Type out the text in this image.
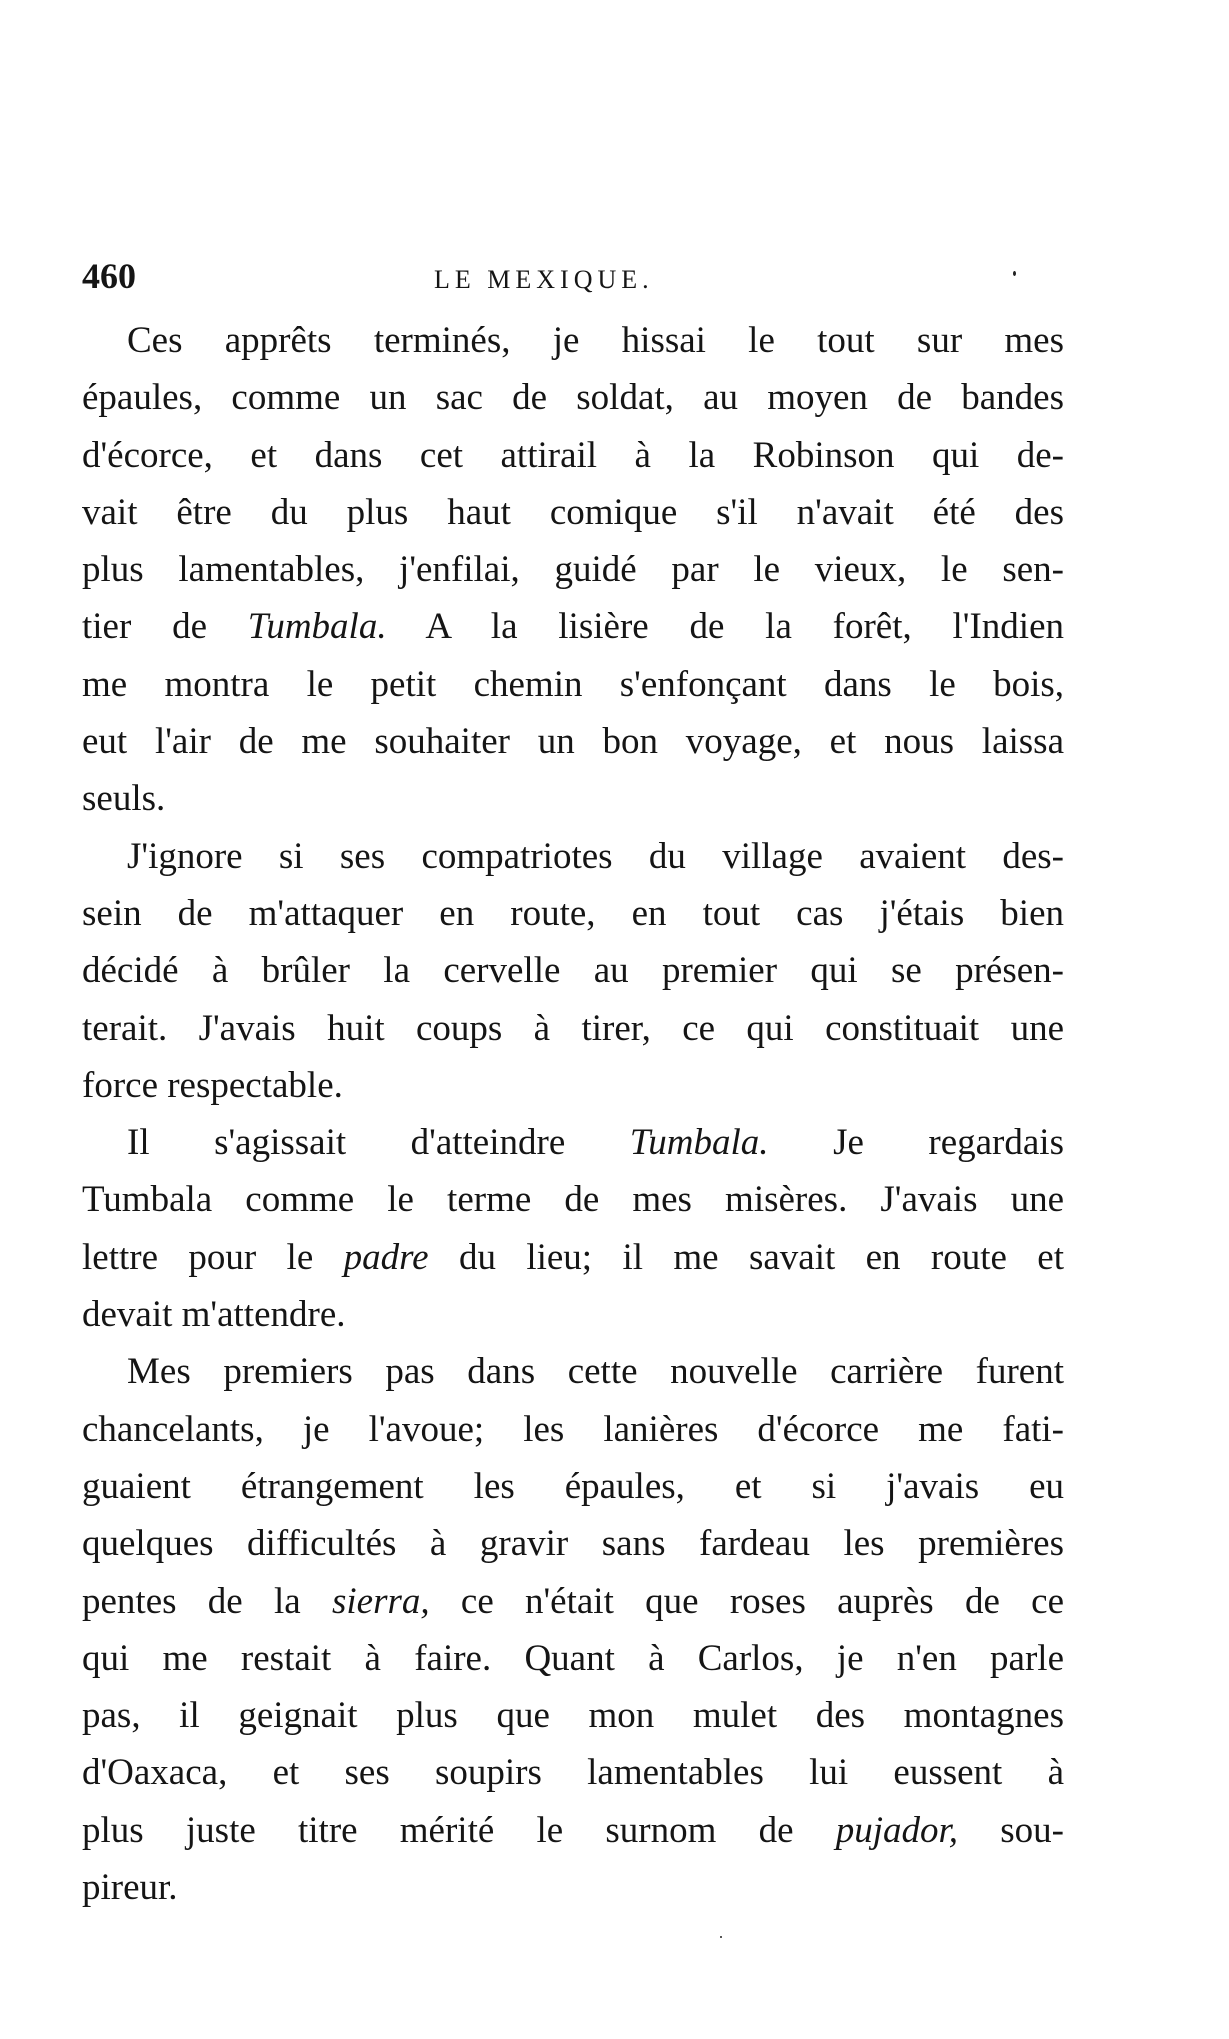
460	LE MEXIQUE.
Ces apprêts terminés, je hissai le tout sur mes
épaules, comme un sac de soldat, au moyen de bandes
d'écorce, et dans cet attirail à la Robinson qui de-
vait être du plus haut comique s'il n'avait été des
plus lamentables, j'enfilai, guidé par le vieux, le sen-
tier de Tumbala. A la lisière de la forêt, l'Indien
me montra le petit chemin s'enfonçant dans le bois,
eut l'air de me souhaiter un bon voyage, et nous laissa
seuls.
J'ignore si ses compatriotes du village avaient des-
sein de m'attaquer en route, en tout cas j'étais bien
décidé à brûler la cervelle au premier qui se présen-
terait. J'avais huit coups à tirer, ce qui constituait une
force respectable.
Il s'agissait d'atteindre Tumbala. Je regardais
Tumbala comme le terme de mes misères. J'avais une
lettre pour le padre du lieu; il me savait en route et
devait m'attendre.
Mes premiers pas dans cette nouvelle carrière furent
chancelants, je l'avoue; les lanières d'écorce me fati-
guaient étrangement les épaules, et si j'avais eu
quelques difficultés à gravir sans fardeau les premières
pentes de la sierra, ce n'était que roses auprès de ce
qui me restait à faire. Quant à Carlos, je n'en parle
pas, il geignait plus que mon mulet des montagnes
d'Oaxaca, et ses soupirs lamentables lui eussent à
plus juste titre mérité le surnom de pujador, sou-
pireur.
